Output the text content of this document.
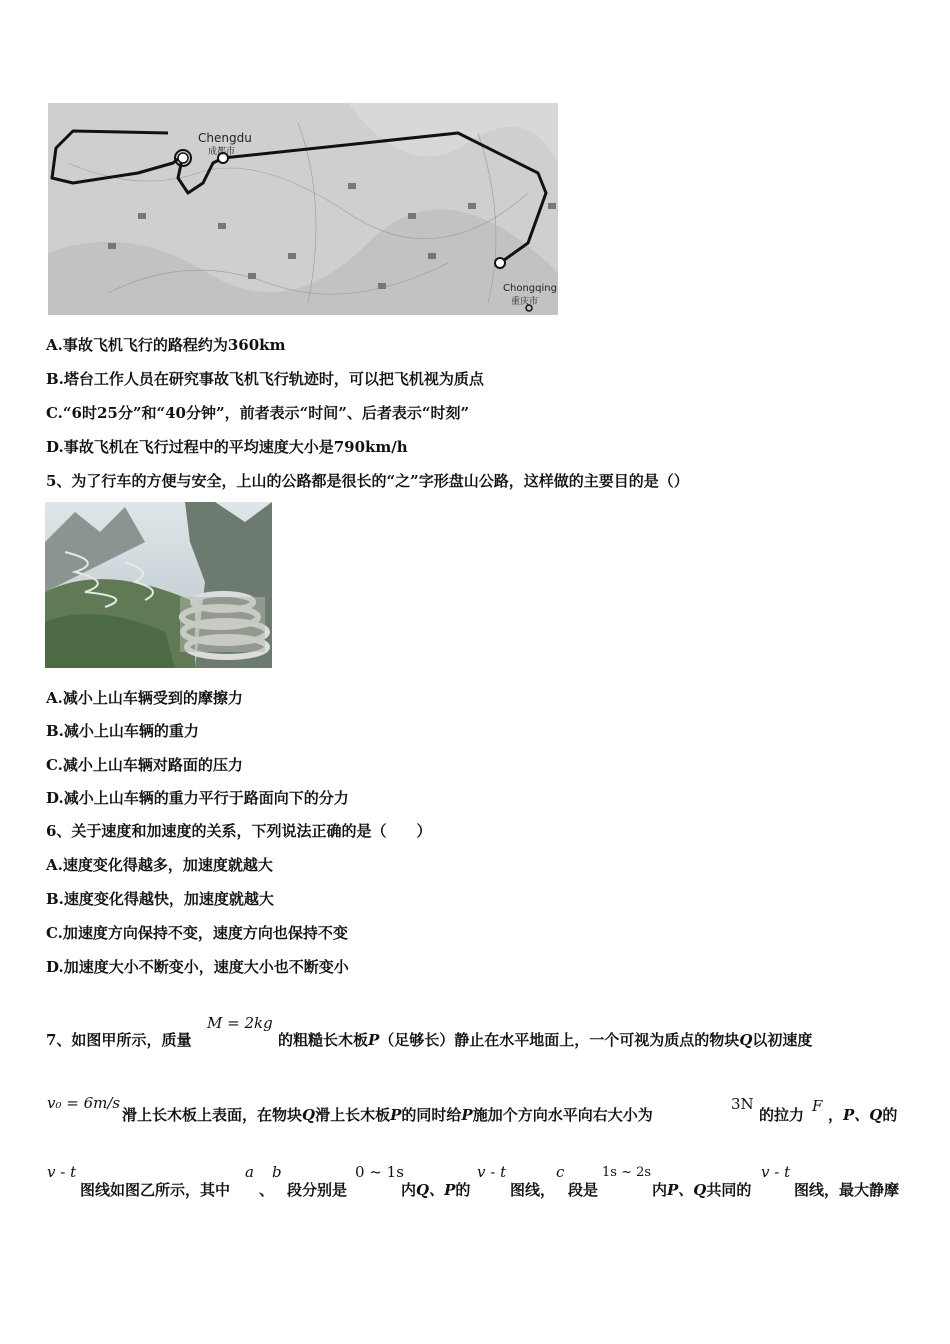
Chengdu
成都市
Chongqing
重庆市
A.事故飞机飞行的路程约为360km
B.塔台工作人员在研究事故飞机飞行轨迹时，可以把飞机视为质点
C.“6时25分”和“40分钟”，前者表示“时间”、后者表示“时刻”
D.事故飞机在飞行过程中的平均速度大小是790km/h
5、为了行车的方便与安全，上山的公路都是很长的“之”字形盘山公路，这样做的主要目的是（）
A.减小上山车辆受到的摩擦力
B.减小上山车辆的重力
C.减小上山车辆对路面的压力
D.减小上山车辆的重力平行于路面向下的分力
6、关于速度和加速度的关系，下列说法正确的是（　　）
A.速度变化得越多，加速度就越大
B.速度变化得越快，加速度就越大
C.加速度方向保持不变，速度方向也保持不变
D.加速度大小不断变小，速度大小也不断变小
7、如图甲所示，质量
M = 2kg
的粗糙长木板P（足够长）静止在水平地面上，一个可视为质点的物块Q以初速度
v₀ = 6m/s
滑上长木板上表面，在物块Q滑上长木板P的同时给P施加个方向水平向右大小为
3N
的拉力 F ，P、Q的
v - t
图线如图乙所示，其中
a
、
b
段分别是
0 ~ 1s
内Q、P的
v - t
图线，
c
段是
1s ~ 2s
内P、Q共同的
v - t
图线，最大静摩
